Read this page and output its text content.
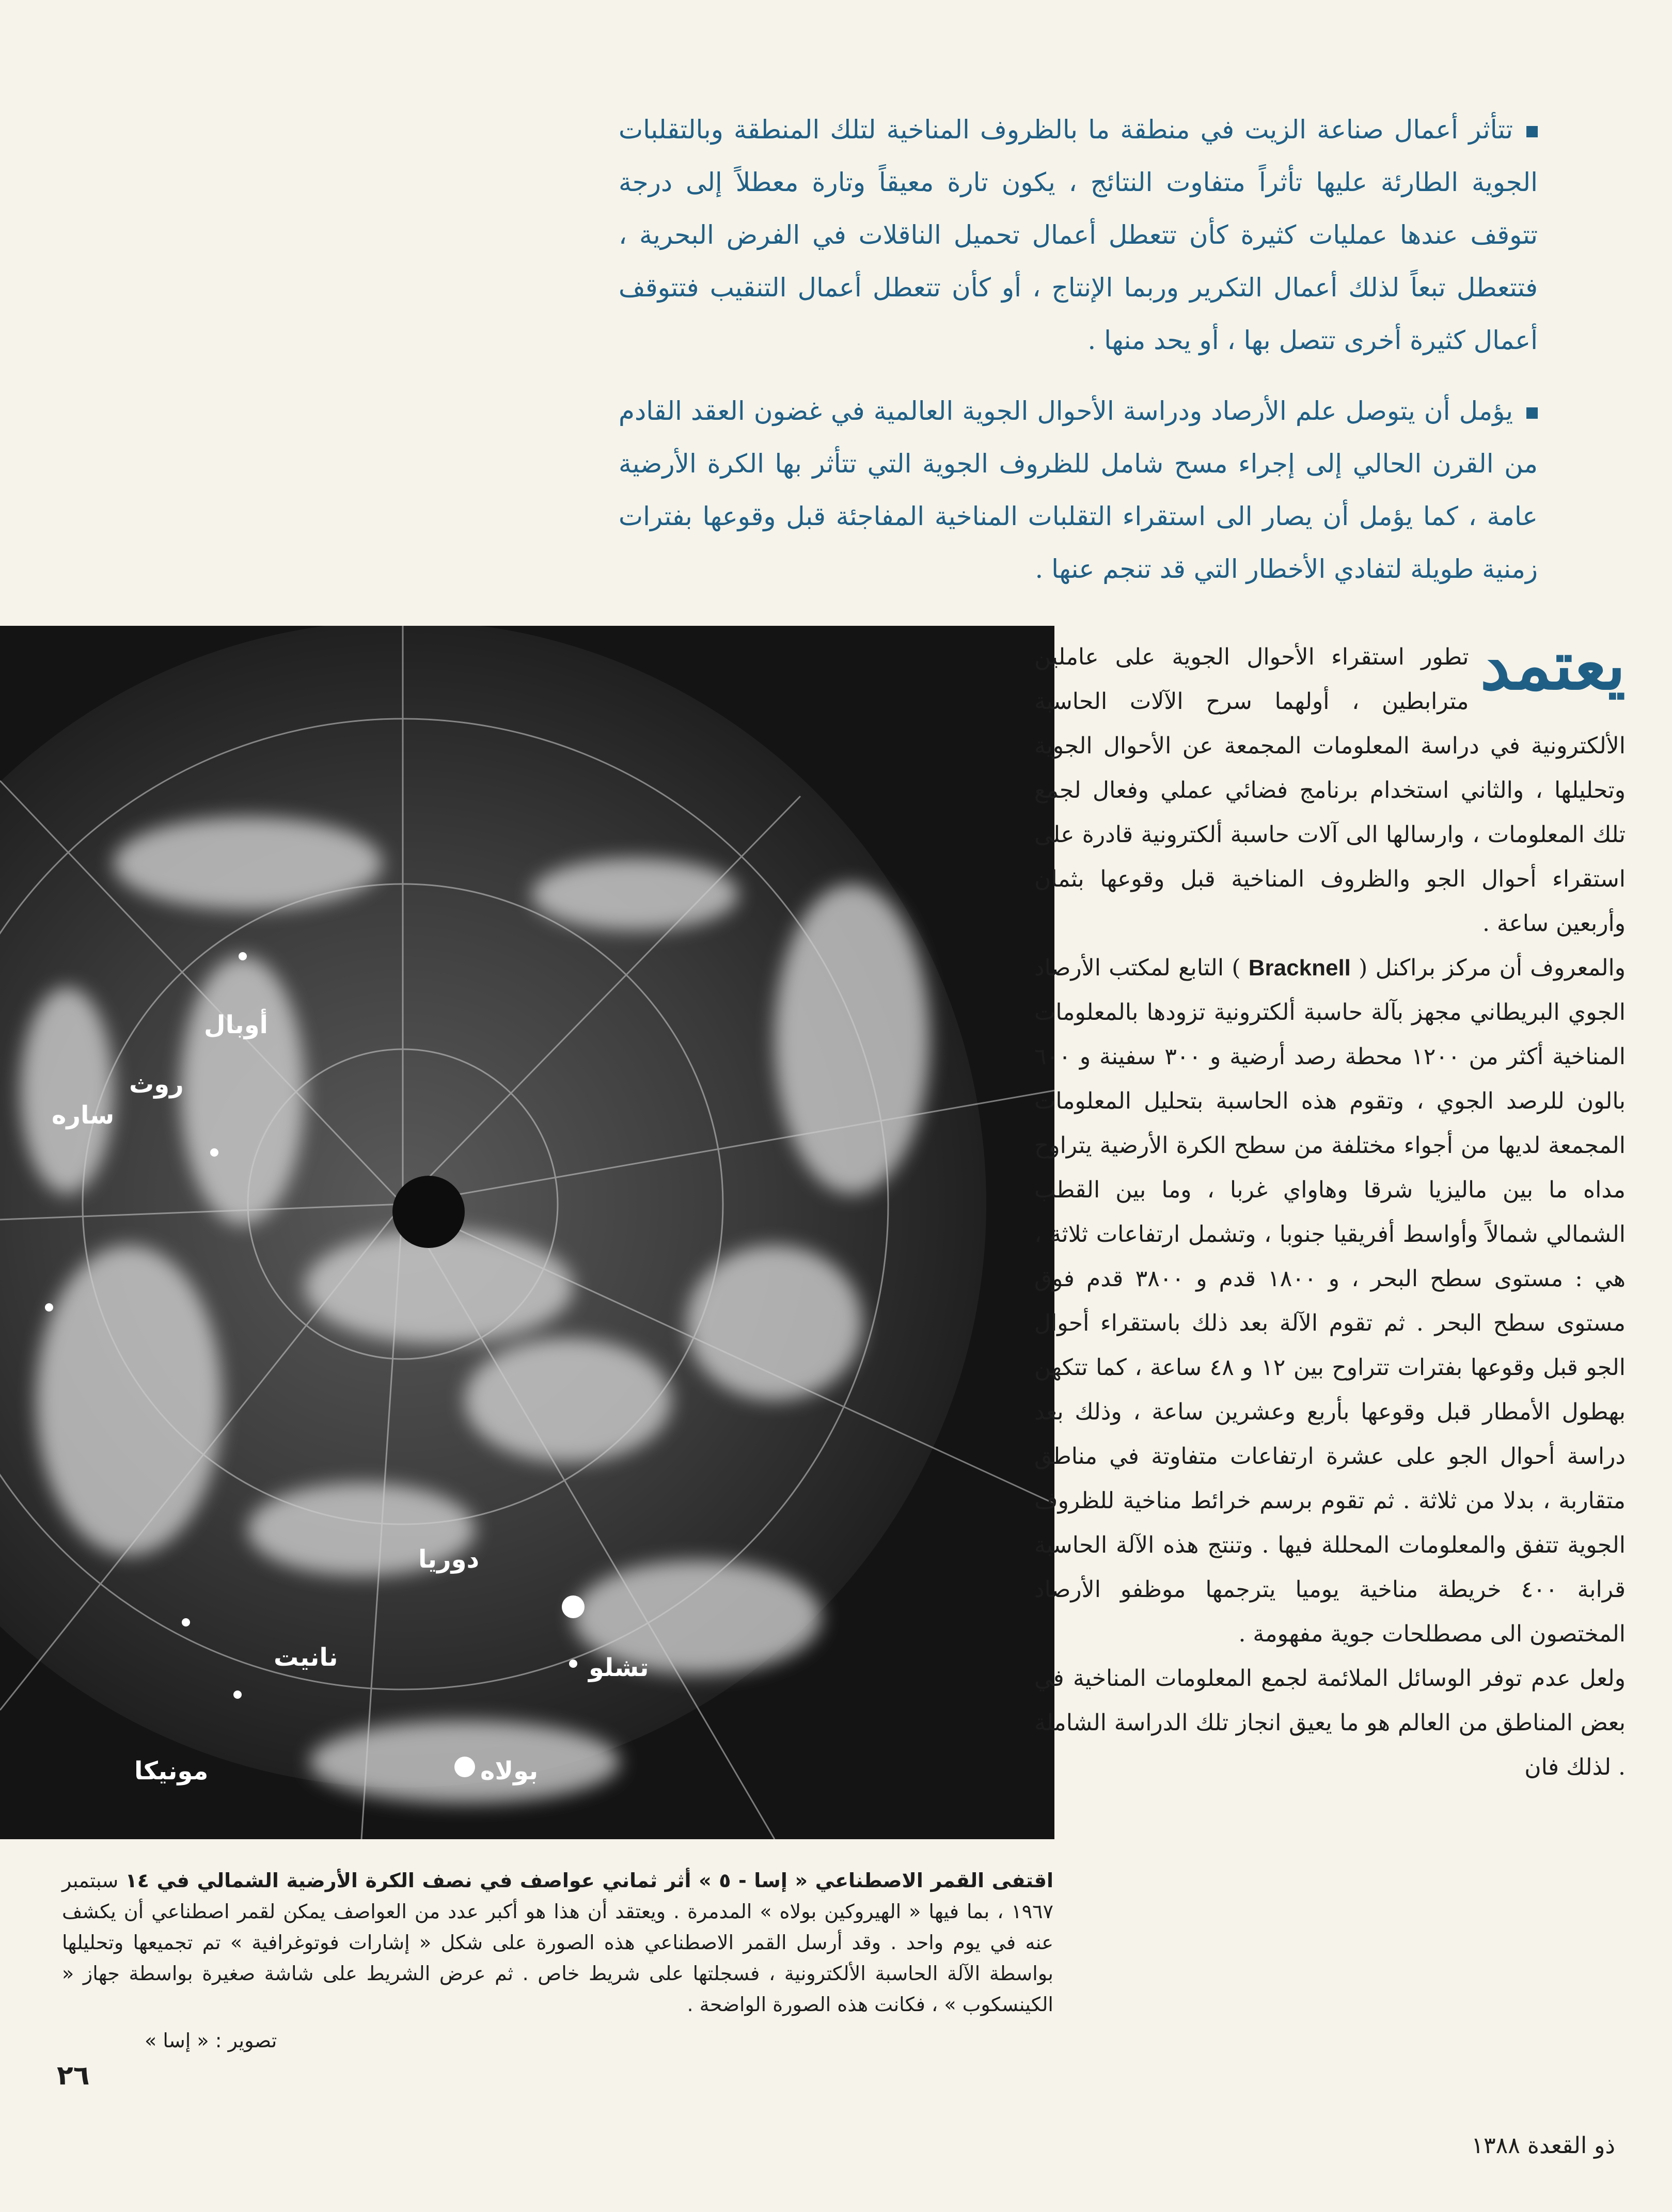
تتأثر أعمال صناعة الزيت في منطقة ما بالظروف المناخية لتلك المنطقة وبالتقلبات الجوية الطارئة عليها تأثراً متفاوت النتائج ، يكون تارة معيقاً وتارة معطلاً إلى درجة تتوقف عندها عمليات كثيرة كأن تتعطل أعمال تحميل الناقلات في الفرض البحرية ، فتتعطل تبعاً لذلك أعمال التكرير وربما الإنتاج ، أو كأن تتعطل أعمال التنقيب فتتوقف أعمال كثيرة أخرى تتصل بها ، أو يحد منها .

يؤمل أن يتوصل علم الأرصاد ودراسة الأحوال الجوية العالمية في غضون العقد القادم من القرن الحالي إلى إجراء مسح شامل للظروف الجوية التي تتأثر بها الكرة الأرضية عامة ، كما يؤمل أن يصار الى استقراء التقلبات المناخية المفاجئة قبل وقوعها بفترات زمنية طويلة لتفادي الأخطار التي قد تنجم عنها .

أوبال
روث
ساره
دوريا
تشلو
نانيت
مونيكا	بولاه

يعتمد
تطور استقراء الأحوال الجوية على عاملين مترابطين ، أولهما سرح الآلات الحاسبة الألكترونية في دراسة المعلومات المجمعة عن الأحوال الجوية وتحليلها ، والثاني استخدام برنامج فضائي عملي وفعال لجمع تلك المعلومات ، وارسالها الى آلات حاسبة ألكترونية قادرة على استقراء أحوال الجو والظروف المناخية قبل وقوعها بثمان وأربعين ساعة .

والمعروف أن مركز براكنل ( Bracknell ) التابع لمكتب الأرصاد الجوي البريطاني مجهز بآلة حاسبة ألكترونية تزودها بالمعلومات المناخية أكثر من ١٢٠٠ محطة رصد أرضية و ٣٠٠ سفينة و ٦٠٠ بالون للرصد الجوي ، وتقوم هذه الحاسبة بتحليل المعلومات المجمعة لديها من أجواء مختلفة من سطح الكرة الأرضية يتراوح مداه ما بين ماليزيا شرقا وهاواي غربا ، وما بين القطب الشمالي شمالاً وأواسط أفريقيا جنوبا ، وتشمل ارتفاعات ثلاثة ، هي : مستوى سطح البحر ، و ١٨٠٠ قدم و ٣٨٠٠ قدم فوق مستوى سطح البحر . ثم تقوم الآلة بعد ذلك باستقراء أحوال الجو قبل وقوعها بفترات تتراوح بين ١٢ و ٤٨ ساعة ، كما تتكهن بهطول الأمطار قبل وقوعها بأربع وعشرين ساعة ، وذلك بعد دراسة أحوال الجو على عشرة ارتفاعات متفاوتة في مناطق متقاربة ، بدلا من ثلاثة . ثم تقوم برسم خرائط مناخية للظروف الجوية تتفق والمعلومات المحللة فيها . وتنتج هذه الآلة الحاسبة قرابة ٤٠٠ خريطة مناخية يوميا يترجمها موظفو الأرصاد المختصون الى مصطلحات جوية مفهومة .

ولعل عدم توفر الوسائل الملائمة لجمع المعلومات المناخية في بعض المناطق من العالم هو ما يعيق انجاز تلك الدراسة الشاملة . لذلك فان

اقتفى القمر الاصطناعي « إسا - ٥ » أثر ثماني عواصف في نصف الكرة الأرضية الشمالي في ١٤ سبتمبر ١٩٦٧ ، بما فيها « الهيروكين بولاه » المدمرة . ويعتقد أن هذا هو أكبر عدد من العواصف يمكن لقمر اصطناعي أن يكشف عنه في يوم واحد . وقد أرسل القمر الاصطناعي هذه الصورة على شكل « إشارات فوتوغرافية » تم تجميعها وتحليلها بواسطة الآلة الحاسبة الألكترونية ، فسجلتها على شريط خاص . ثم عرض الشريط على شاشة صغيرة بواسطة جهاز « الكينسكوب » ، فكانت هذه الصورة الواضحة .
تصوير : « إسا »
٢٦
ذو القعدة ١٣٨٨
